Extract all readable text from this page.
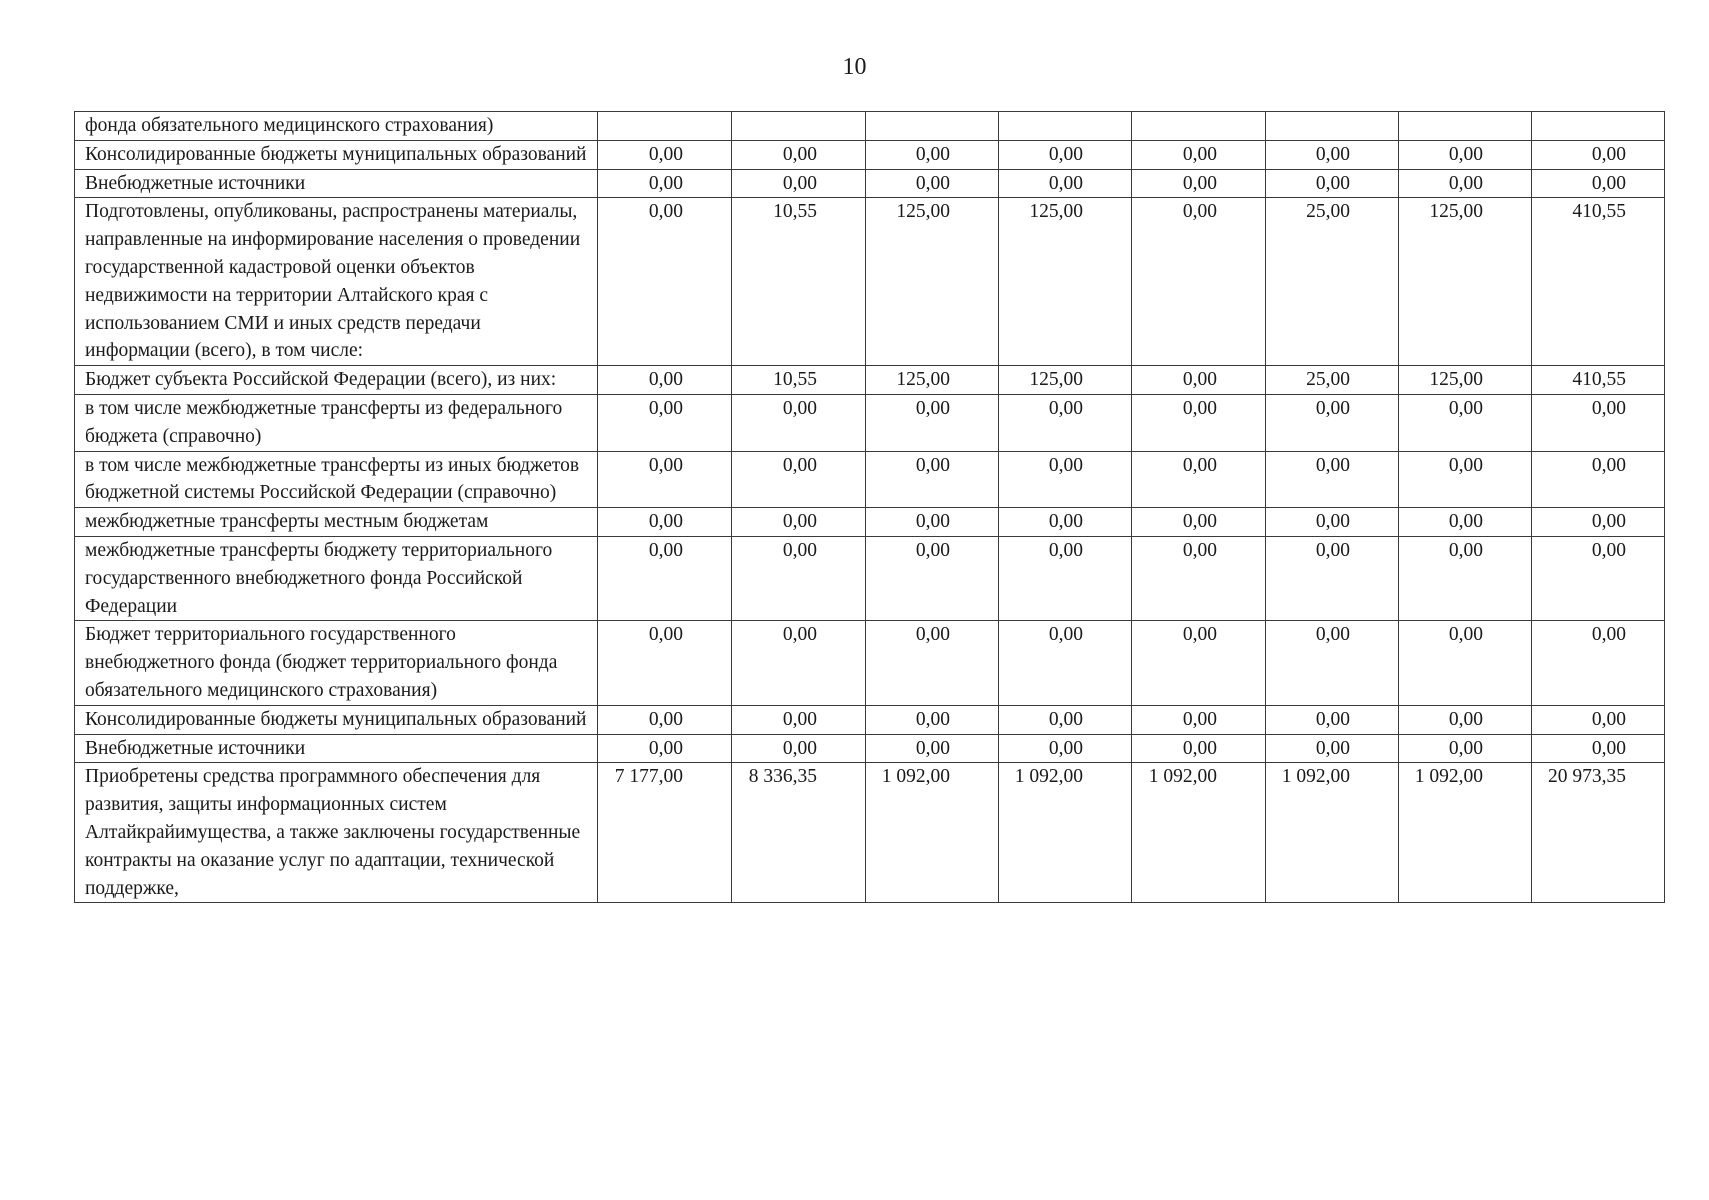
10
фонда обязательного медицинского страхования)								
Консолидированные бюджеты муниципальных образований	0,00	0,00	0,00	0,00	0,00	0,00	0,00	0,00
Внебюджетные источники	0,00	0,00	0,00	0,00	0,00	0,00	0,00	0,00
Подготовлены, опубликованы, распространены материалы, направленные на информирование населения о проведении государственной кадастровой оценки объектов недвижимости на территории Алтайского края с использованием СМИ и иных средств передачи информации (всего), в том числе:	0,00	10,55	125,00	125,00	0,00	25,00	125,00	410,55
Бюджет субъекта Российской Федерации (всего), из них:	0,00	10,55	125,00	125,00	0,00	25,00	125,00	410,55
в том числе межбюджетные трансферты из федерального бюджета (справочно)	0,00	0,00	0,00	0,00	0,00	0,00	0,00	0,00
в том числе межбюджетные трансферты из иных бюджетов бюджетной системы Российской Федерации (справочно)	0,00	0,00	0,00	0,00	0,00	0,00	0,00	0,00
межбюджетные трансферты местным бюджетам	0,00	0,00	0,00	0,00	0,00	0,00	0,00	0,00
межбюджетные трансферты бюджету территориального государственного внебюджетного фонда Российской Федерации	0,00	0,00	0,00	0,00	0,00	0,00	0,00	0,00
Бюджет территориального государственного внебюджетного фонда (бюджет территориального фонда обязательного медицинского страхования)	0,00	0,00	0,00	0,00	0,00	0,00	0,00	0,00
Консолидированные бюджеты муниципальных образований	0,00	0,00	0,00	0,00	0,00	0,00	0,00	0,00
Внебюджетные источники	0,00	0,00	0,00	0,00	0,00	0,00	0,00	0,00
Приобретены средства программного обеспечения для развития, защиты информационных систем Алтайкрайимущества, а также заключены государственные контракты на оказание услуг по адаптации, технической поддержке,	7 177,00	8 336,35	1 092,00	1 092,00	1 092,00	1 092,00	1 092,00	20 973,35
